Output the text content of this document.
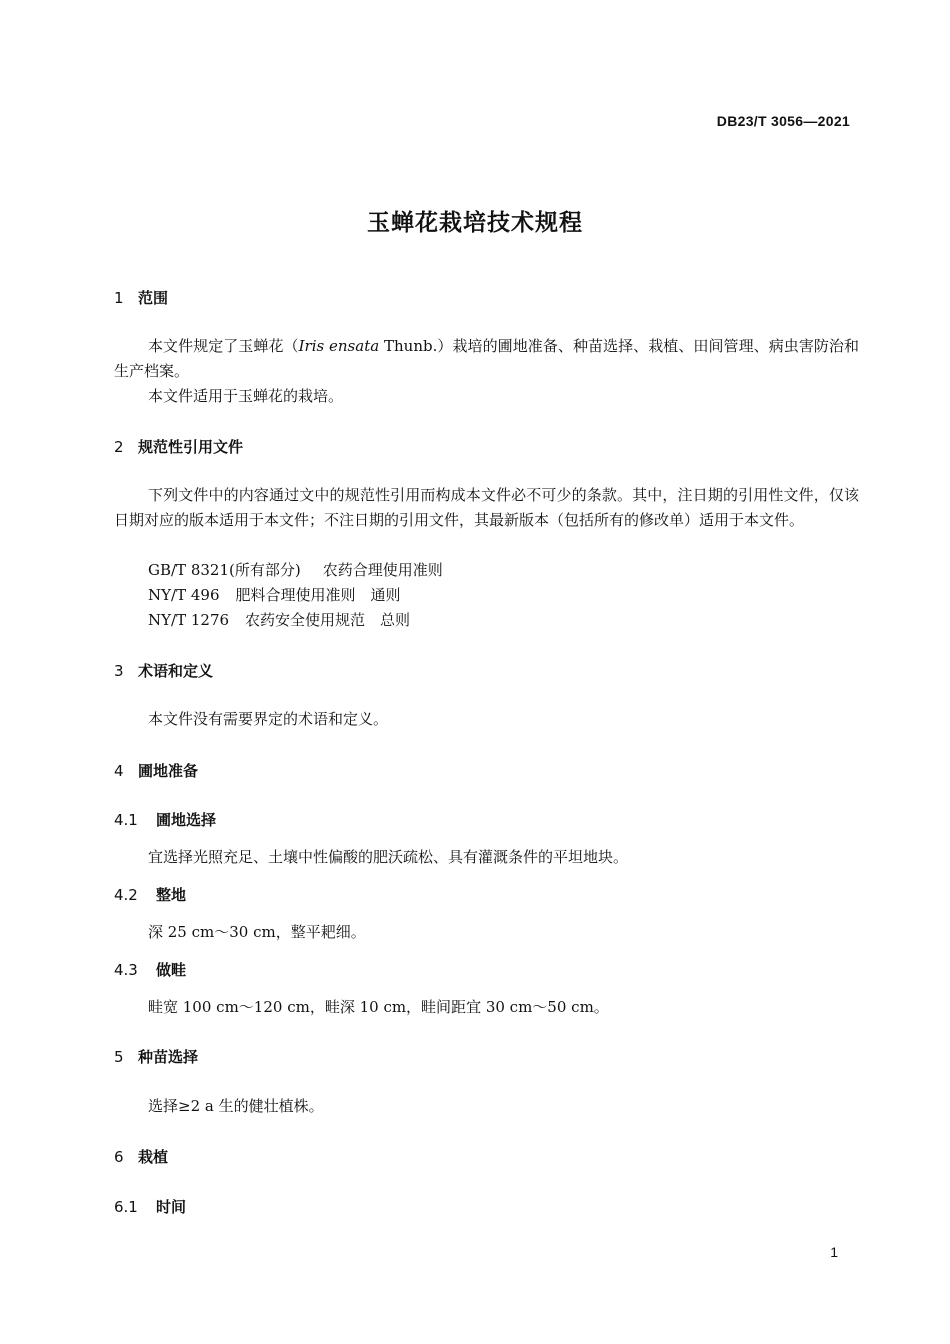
DB23/T 3056—2021
玉蝉花栽培技术规程
1 范围
本文件规定了玉蝉花（Iris ensata Thunb.）栽培的圃地准备、种苗选择、栽植、田间管理、病虫害防治和生产档案。
本文件适用于玉蝉花的栽培。
2 规范性引用文件
下列文件中的内容通过文中的规范性引用而构成本文件必不可少的条款。其中，注日期的引用性文件，仅该日期对应的版本适用于本文件；不注日期的引用文件，其最新版本（包括所有的修改单）适用于本文件。
GB/T 8321(所有部分) 农药合理使用准则
NY/T 496 肥料合理使用准则　通则
NY/T 1276 农药安全使用规范　总则
3 术语和定义
本文件没有需要界定的术语和定义。
4 圃地准备
4.1 圃地选择
宜选择光照充足、土壤中性偏酸的肥沃疏松、具有灌溉条件的平坦地块。
4.2 整地
深 25 cm～30 cm，整平耙细。
4.3 做畦
畦宽 100 cm～120 cm，畦深 10 cm，畦间距宜 30 cm～50 cm。
5 种苗选择
选择≥2 a 生的健壮植株。
6 栽植
6.1 时间
1
